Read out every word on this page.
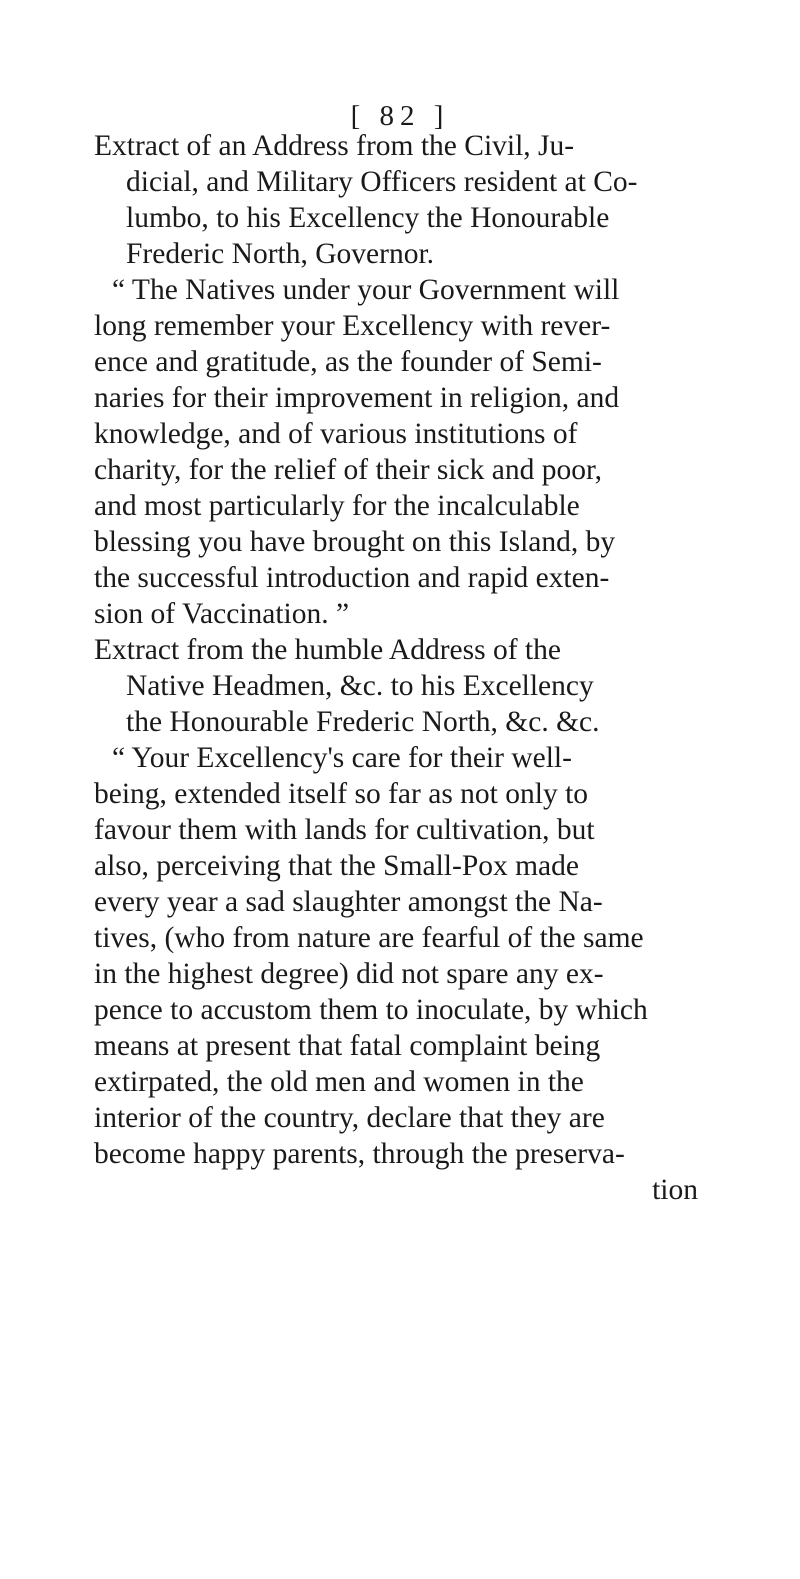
[ 82 ]
Extract of an Address from the Civil, Ju-
dicial, and Military Officers resident at Co-
lumbo, to his Excellency the Honourable
Frederic North, Governor.
“ The Natives under your Government will
long remember your Excellency with rever-
ence and gratitude, as the founder of Semi-
naries for their improvement in religion, and
knowledge, and of various institutions of
charity, for the relief of their sick and poor,
and most particularly for the incalculable
blessing you have brought on this Island, by
the successful introduction and rapid exten-
sion of Vaccination. ”
Extract from the humble Address of the
Native Headmen, &c. to his Excellency
the Honourable Frederic North, &c. &c.
“ Your Excellency's care for their well-
being, extended itself so far as not only to
favour them with lands for cultivation, but
also, perceiving that the Small-Pox made
every year a sad slaughter amongst the Na-
tives, (who from nature are fearful of the same
in the highest degree) did not spare any ex-
pence to accustom them to inoculate, by which
means at present that fatal complaint being
extirpated, the old men and women in the
interior of the country, declare that they are
become happy parents, through the preserva-
tion
